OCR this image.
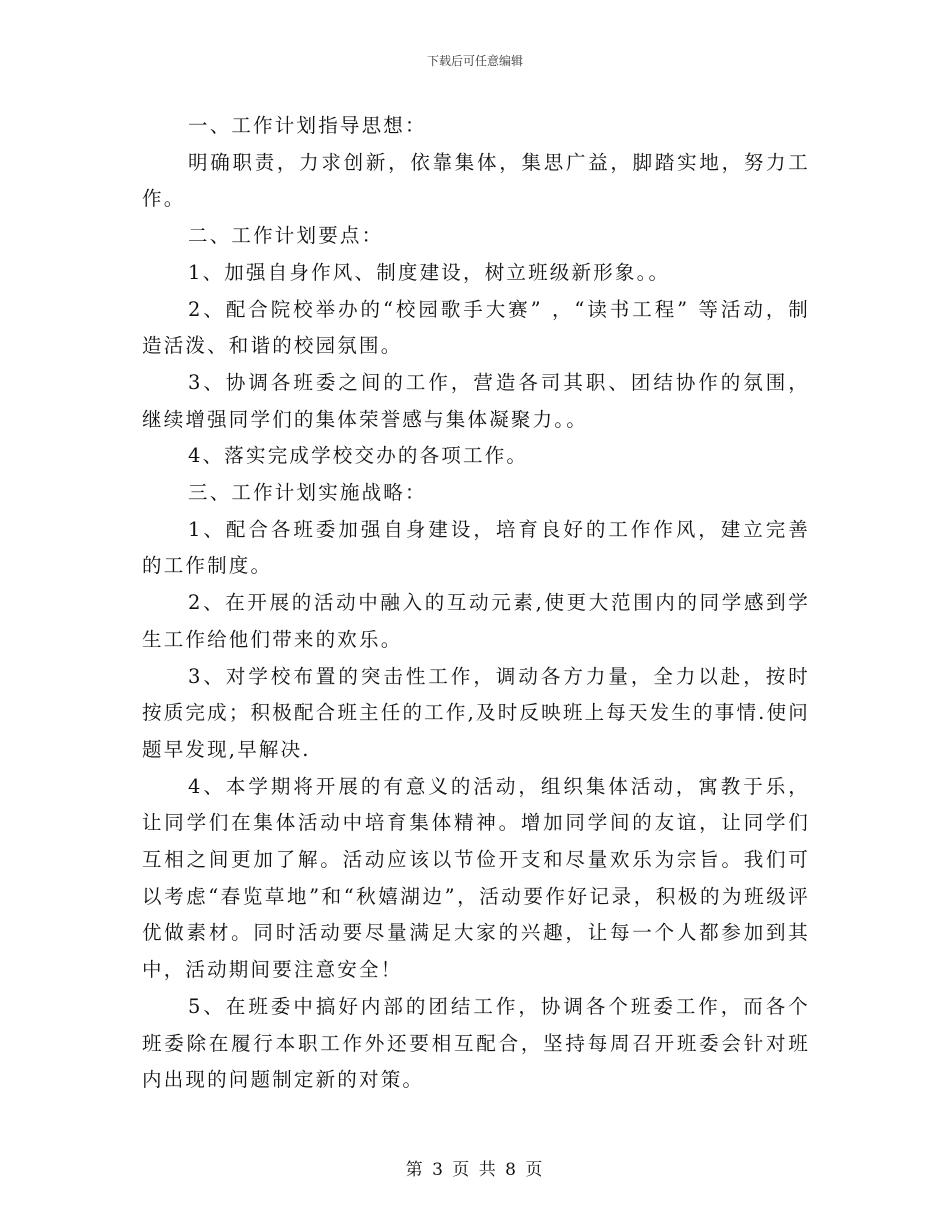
下载后可任意编辑

一、工作计划指导思想：

明确职责，力求创新，依靠集体，集思广益，脚踏实地，努力工作。

二、工作计划要点：

1、加强自身作风、制度建设，树立班级新形象。。

2、配合院校举办的“校园歌手大赛” ，“读书工程” 等活动，制造活泼、和谐的校园氛围。

3、协调各班委之间的工作，营造各司其职、团结协作的氛围，继续增强同学们的集体荣誉感与集体凝聚力。。

4、落实完成学校交办的各项工作。

三、工作计划实施战略：

1、配合各班委加强自身建设，培育良好的工作作风，建立完善的工作制度。

2、在开展的活动中融入的互动元素,使更大范围内的同学感到学生工作给他们带来的欢乐。

3、对学校布置的突击性工作，调动各方力量，全力以赴，按时按质完成；积极配合班主任的工作,及时反映班上每天发生的事情.使问题早发现,早解决.

4、本学期将开展的有意义的活动，组织集体活动，寓教于乐，让同学们在集体活动中培育集体精神。增加同学间的友谊，让同学们互相之间更加了解。活动应该以节俭开支和尽量欢乐为宗旨。我们可以考虑“春览草地”和“秋嬉湖边”，活动要作好记录，积极的为班级评优做素材。同时活动要尽量满足大家的兴趣，让每一个人都参加到其中，活动期间要注意安全！

5、在班委中搞好内部的团结工作，协调各个班委工作，而各个班委除在履行本职工作外还要相互配合，坚持每周召开班委会针对班内出现的问题制定新的对策。

第 3 页 共 8 页
